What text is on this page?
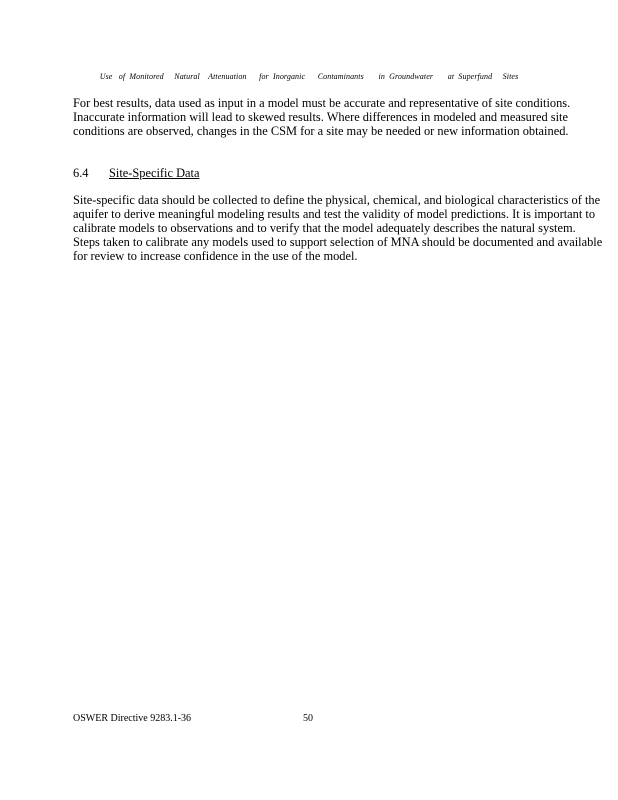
Use   of  Monitored     Natural    Attenuation      for  Inorganic      Contaminants       in  Groundwater       at  Superfund     Sites

For best results, data used as input in a model must be accurate and representative of site conditions. Inaccurate information will lead to skewed results. Where differences in modeled and measured site conditions are observed, changes in the CSM for a site may be needed or new information obtained.

6.4 Site-Specific Data

Site-specific data should be collected to define the physical, chemical, and biological characteristics of the aquifer to derive meaningful modeling results and test the validity of model predictions. It is important to calibrate models to observations and to verify that the model adequately describes the natural system. Steps taken to calibrate any models used to support selection of MNA should be documented and available for review to increase confidence in the use of the model.

OSWER Directive 9283.1-36	50
